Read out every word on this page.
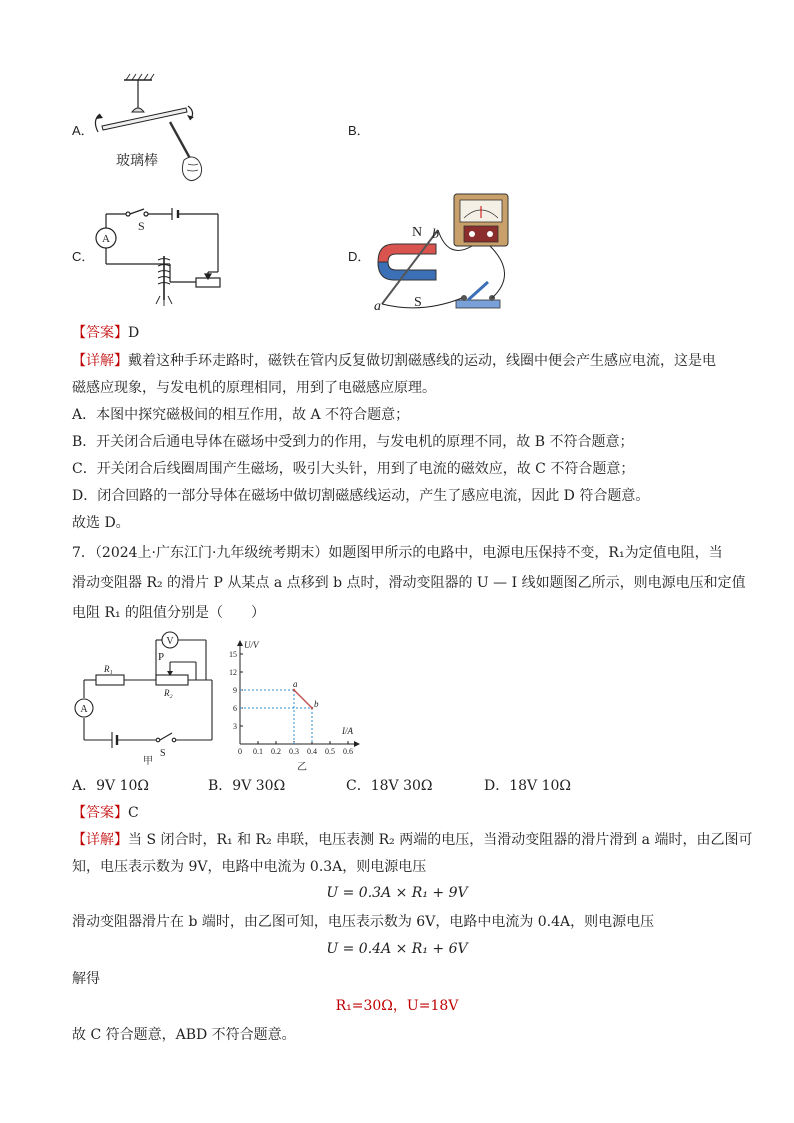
A．
玻璃棒
B．
C．
A
S
D．
N
S
a
b
【答案】D
【详解】戴着这种手环走路时，磁铁在管内反复做切割磁感线的运动，线圈中便会产生感应电流，这是电
磁感应现象，与发电机的原理相同，用到了电磁感应原理。
A．本图中探究磁极间的相互作用，故 A 不符合题意；
B．开关闭合后通电导体在磁场中受到力的作用，与发电机的原理不同，故 B 不符合题意；
C．开关闭合后线圈周围产生磁场，吸引大头针，用到了电流的磁效应，故 C 不符合题意；
D．闭合回路的一部分导体在磁场中做切割磁感线运动，产生了感应电流，因此 D 符合题意。
故选 D。
7．（2024上·广东江门·九年级统考期末）如题图甲所示的电路中，电源电压保持不变，R₁为定值电阻，当
滑动变阻器 R₂ 的滑片 P 从某点 a 点移到 b 点时，滑动变阻器的 U — I 线如题图乙所示，则电源电压和定值
电阻 R₁ 的阻值分别是（　　）
V
A
R₁
R₂
P
S
甲
15
12
9
6
3
0 0.1 0.2 0.3 0.4 0.5 0.6
U/V
I/A
a
b
乙
A．9V 10Ω	B．9V 30Ω	C．18V 30Ω	D．18V 10Ω
【答案】C
【详解】当 S 闭合时，R₁ 和 R₂ 串联，电压表测 R₂ 两端的电压，当滑动变阻器的滑片滑到 a 端时，由乙图可
知，电压表示数为 9V，电路中电流为 0.3A，则电源电压
U = 0.3A × R₁ + 9V
滑动变阻器滑片在 b 端时，由乙图可知，电压表示数为 6V，电路中电流为 0.4A，则电源电压
U = 0.4A × R₁ + 6V
解得
R₁=30Ω，U=18V
故 C 符合题意，ABD 不符合题意。
